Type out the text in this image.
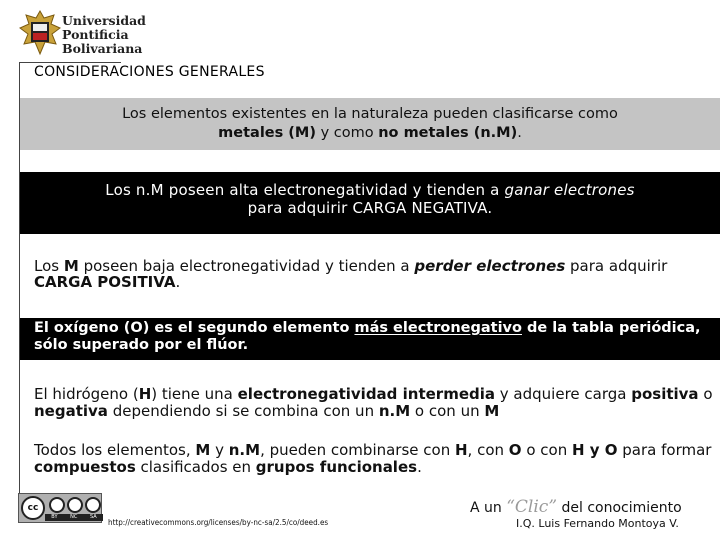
Universidad
Pontificia
Bolivariana
CONSIDERACIONES GENERALES
Los elementos existentes en la naturaleza pueden clasificarse como
metales (M) y como no metales (n.M).
Los n.M poseen alta electronegatividad y tienden a ganar electrones
para adquirir CARGA NEGATIVA.
Los M poseen baja electronegatividad y tienden a perder electrones para adquirir CARGA POSITIVA.
El oxígeno (O) es el segundo elemento más electronegativo de la tabla periódica, sólo superado por el flúor.
El hidrógeno (H) tiene una electronegatividad intermedia y adquiere carga positiva o negativa dependiendo si se combina con un n.M o con un M
Todos los elementos, M y n.M, pueden combinarse con H, con O o con H y O para formar compuestos clasificados en grupos funcionales.
cc
BY	NC	SA
http://creativecommons.org/licenses/by-nc-sa/2.5/co/deed.es
A un “Clic” del conocimiento
I.Q. Luis Fernando Montoya V.
